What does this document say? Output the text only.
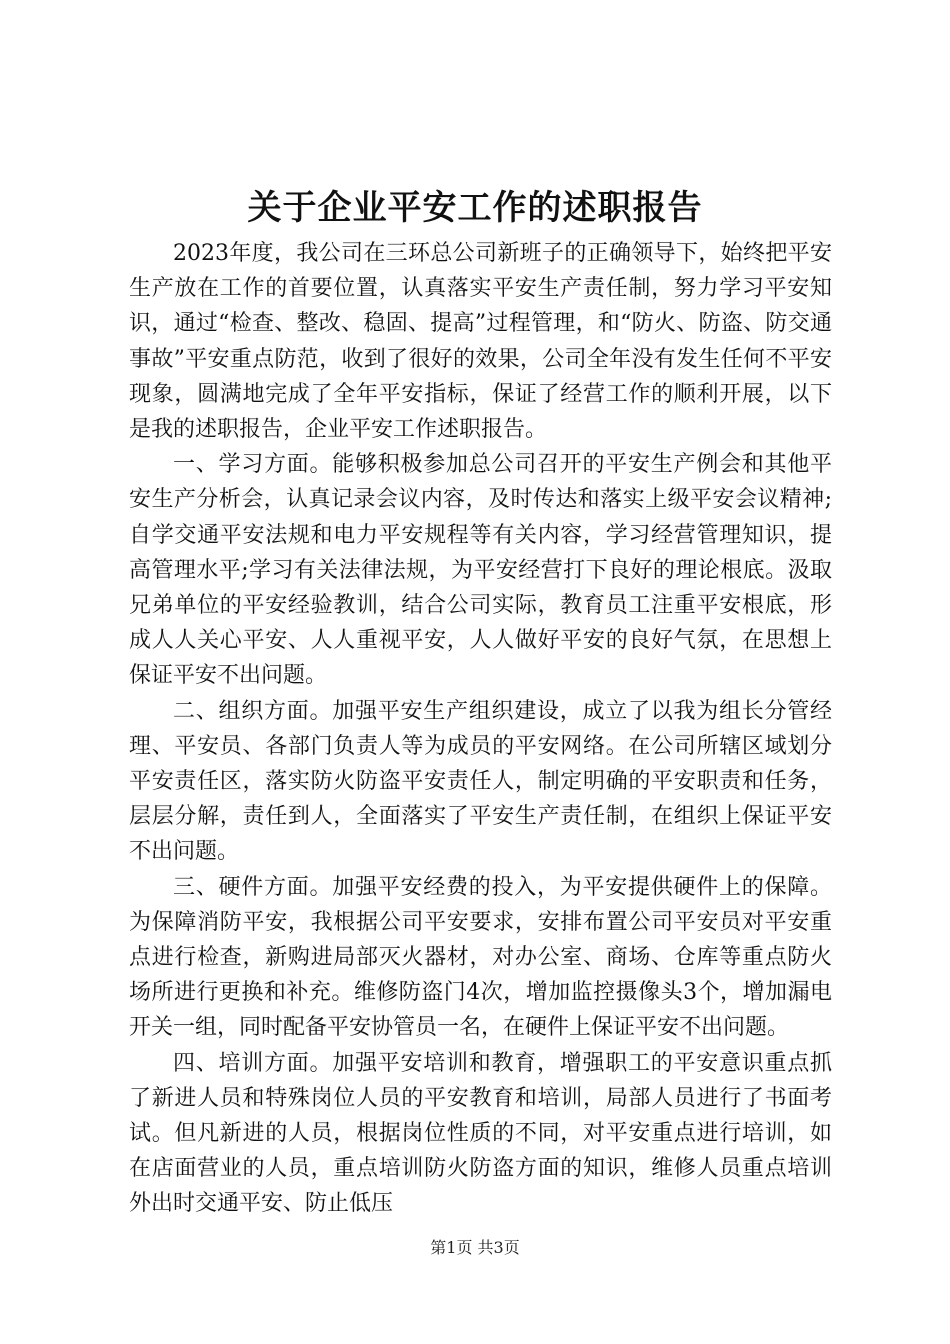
关于企业平安工作的述职报告

2023年度，我公司在三环总公司新班子的正确领导下，始终把平安生产放在工作的首要位置，认真落实平安生产责任制，努力学习平安知识，通过“检查、整改、稳固、提高”过程管理，和“防火、防盗、防交通事故”平安重点防范，收到了很好的效果，公司全年没有发生任何不平安现象，圆满地完成了全年平安指标，保证了经营工作的顺利开展，以下是我的述职报告，企业平安工作述职报告。

一、学习方面。能够积极参加总公司召开的平安生产例会和其他平安生产分析会，认真记录会议内容，及时传达和落实上级平安会议精神;自学交通平安法规和电力平安规程等有关内容，学习经营管理知识，提高管理水平;学习有关法律法规，为平安经营打下良好的理论根底。汲取兄弟单位的平安经验教训，结合公司实际，教育员工注重平安根底，形成人人关心平安、人人重视平安，人人做好平安的良好气氛，在思想上保证平安不出问题。

二、组织方面。加强平安生产组织建设，成立了以我为组长分管经理、平安员、各部门负责人等为成员的平安网络。在公司所辖区域划分平安责任区，落实防火防盗平安责任人，制定明确的平安职责和任务，层层分解，责任到人，全面落实了平安生产责任制，在组织上保证平安不出问题。

三、硬件方面。加强平安经费的投入，为平安提供硬件上的保障。为保障消防平安，我根据公司平安要求，安排布置公司平安员对平安重点进行检查，新购进局部灭火器材，对办公室、商场、仓库等重点防火场所进行更换和补充。维修防盗门4次，增加监控摄像头3个，增加漏电开关一组，同时配备平安协管员一名，在硬件上保证平安不出问题。

四、培训方面。加强平安培训和教育，增强职工的平安意识重点抓了新进人员和特殊岗位人员的平安教育和培训，局部人员进行了书面考试。但凡新进的人员，根据岗位性质的不同，对平安重点进行培训，如在店面营业的人员，重点培训防火防盗方面的知识，维修人员重点培训外出时交通平安、防止低压

第1页 共3页
